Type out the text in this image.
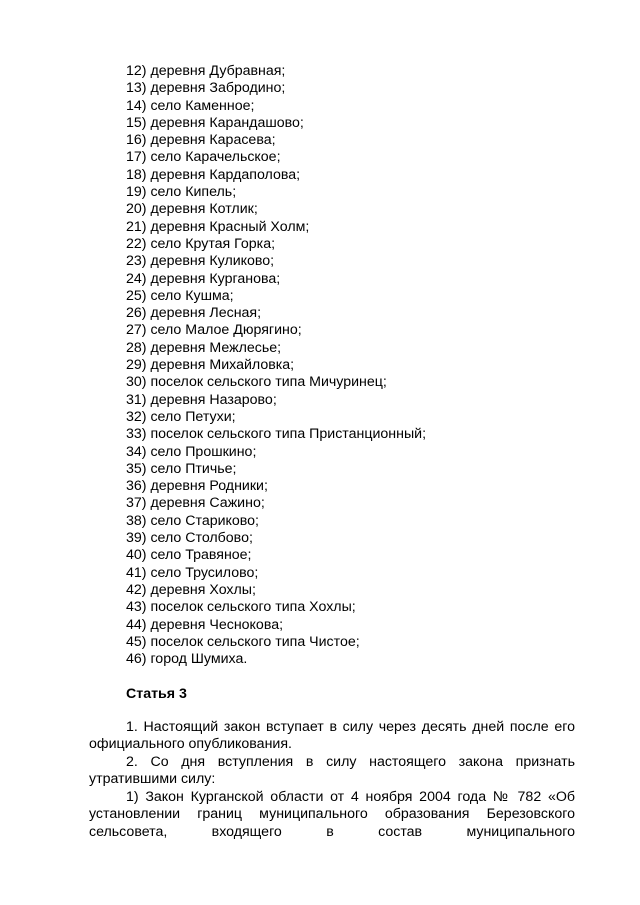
12) деревня Дубравная;
13) деревня Забродино;
14) село Каменное;
15) деревня Карандашово;
16) деревня Карасева;
17) село Карачельское;
18) деревня Кардаполова;
19) село Кипель;
20) деревня Котлик;
21) деревня Красный Холм;
22) село Крутая Горка;
23) деревня Куликово;
24) деревня Курганова;
25) село Кушма;
26) деревня Лесная;
27) село Малое Дюрягино;
28) деревня Межлесье;
29) деревня Михайловка;
30) поселок сельского типа Мичуринец;
31) деревня Назарово;
32) село Петухи;
33) поселок сельского типа Пристанционный;
34) село Прошкино;
35) село Птичье;
36) деревня Родники;
37) деревня Сажино;
38) село Стариково;
39) село Столбово;
40) село Травяное;
41) село Трусилово;
42) деревня Хохлы;
43) поселок сельского типа Хохлы;
44) деревня Чеснокова;
45) поселок сельского типа Чистое;
46) город Шумиха.
Статья 3

1. Настоящий закон вступает в силу через десять дней после его официального опубликования.

2. Со дня вступления в силу настоящего закона признать утратившими силу:

1) Закон Курганской области от 4 ноября 2004 года № 782 «Об установлении границ муниципального образования Березовского сельсовета, входящего в состав муниципального
